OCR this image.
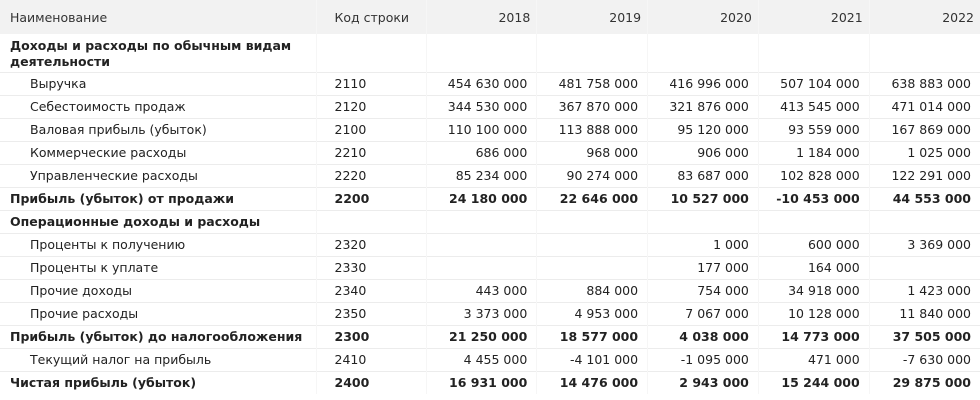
Наименование	Код строки	2018	2019	2020	2021	2022
Доходы и расходы по обычным видам деятельности						
Выручка	2110	454 630 000	481 758 000	416 996 000	507 104 000	638 883 000
Себестоимость продаж	2120	344 530 000	367 870 000	321 876 000	413 545 000	471 014 000
Валовая прибыль (убыток)	2100	110 100 000	113 888 000	95 120 000	93 559 000	167 869 000
Коммерческие расходы	2210	686 000	968 000	906 000	1 184 000	1 025 000
Управленческие расходы	2220	85 234 000	90 274 000	83 687 000	102 828 000	122 291 000
Прибыль (убыток) от продажи	2200	24 180 000	22 646 000	10 527 000	-10 453 000	44 553 000
Операционные доходы и расходы						
Проценты к получению	2320			1 000	600 000	3 369 000
Проценты к уплате	2330			177 000	164 000	
Прочие доходы	2340	443 000	884 000	754 000	34 918 000	1 423 000
Прочие расходы	2350	3 373 000	4 953 000	7 067 000	10 128 000	11 840 000
Прибыль (убыток) до налогообложения	2300	21 250 000	18 577 000	4 038 000	14 773 000	37 505 000
Текущий налог на прибыль	2410	4 455 000	-4 101 000	-1 095 000	471 000	-7 630 000
Чистая прибыль (убыток)	2400	16 931 000	14 476 000	2 943 000	15 244 000	29 875 000
